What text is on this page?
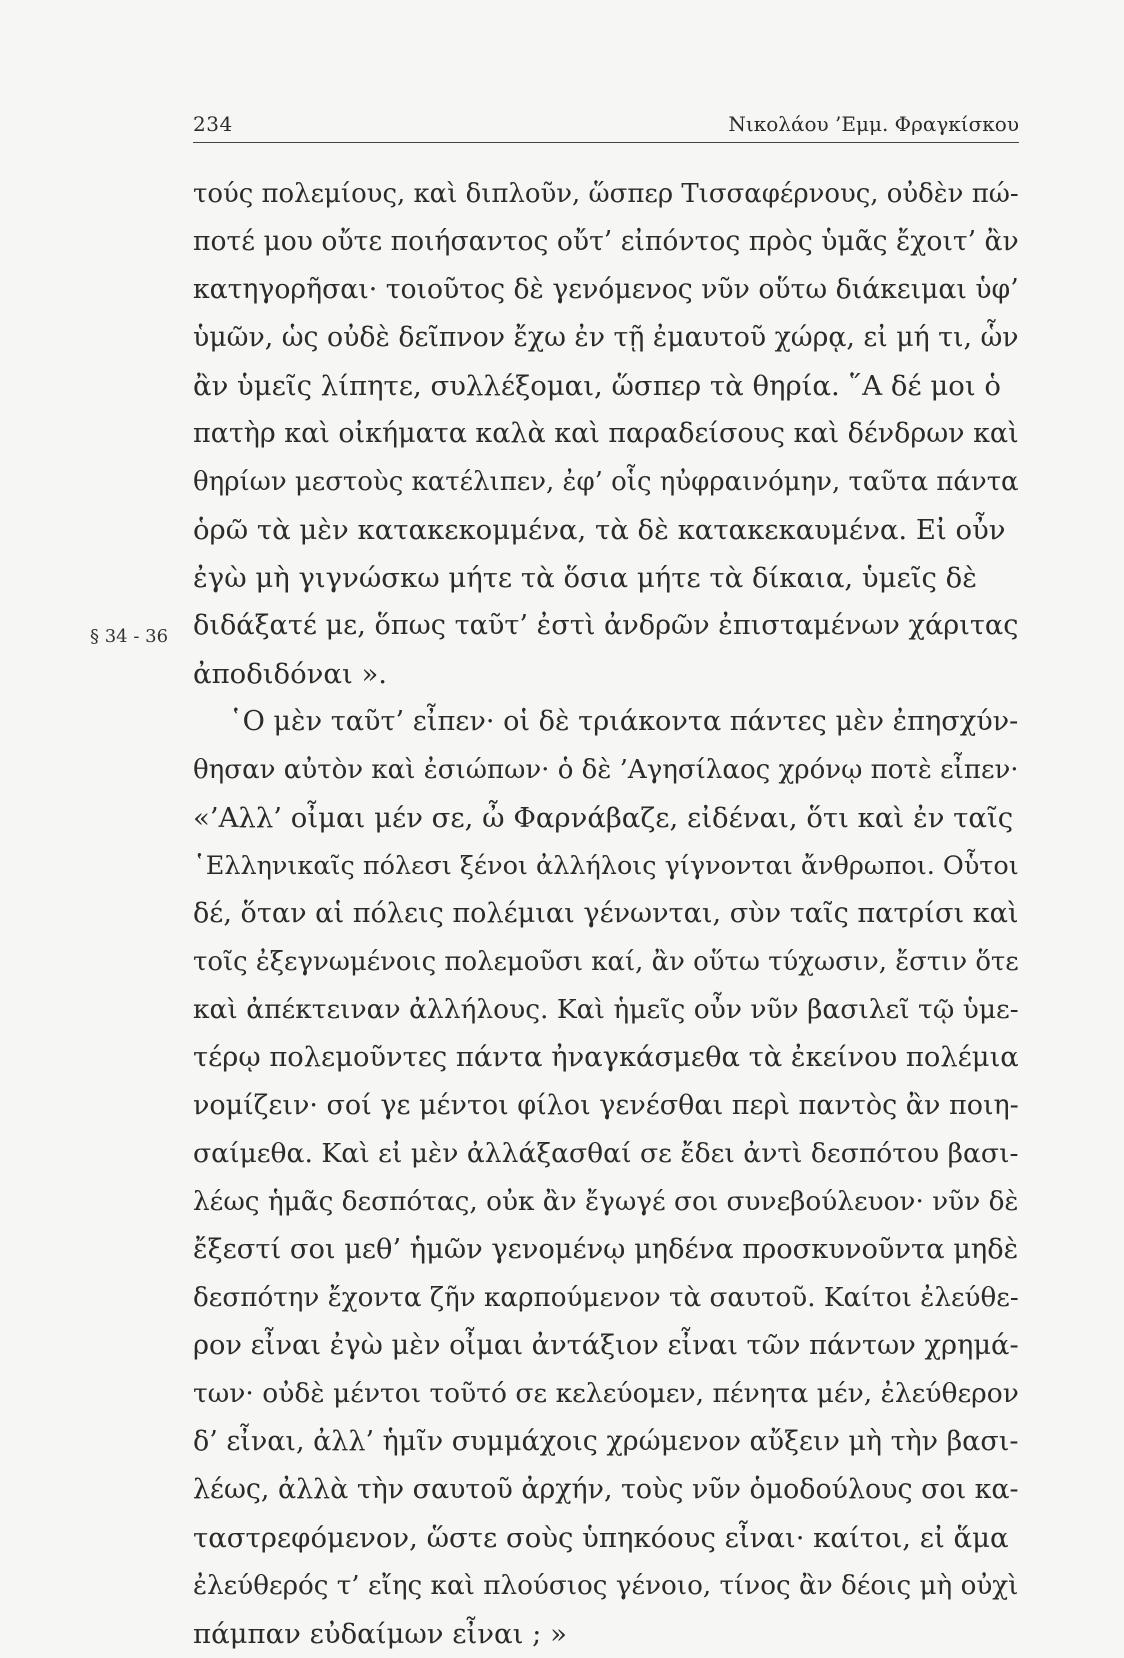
234	Νικολάου ’Εμμ. Φραγκίσκου
§ 34 - 36
τούς πολεμίους, καὶ διπλοῦν, ὥσπερ Τισσαφέρνους, οὐδὲν πώ-
ποτέ μου οὔτε ποιήσαντος οὔτ’ εἰπόντος πρὸς ὑμᾶς ἔχοιτ’ ἂν
κατηγορῆσαι· τοιοῦτος δὲ γενόμενος νῦν οὕτω διάκειμαι ὑφ’
ὑμῶν, ὡς οὐδὲ δεῖπνον ἔχω ἐν τῇ ἐμαυτοῦ χώρᾳ, εἰ μή τι, ὧν
ἂν ὑμεῖς λίπητε, συλλέξομαι, ὥσπερ τὰ θηρία. ῞Α δέ μοι ὁ
πατὴρ καὶ οἰκήματα καλὰ καὶ παραδείσους καὶ δένδρων καὶ
θηρίων μεστοὺς κατέλιπεν, ἐφ’ οἷς ηὐφραινόμην, ταῦτα πάντα
ὁρῶ τὰ μὲν κατακεκομμένα, τὰ δὲ κατακεκαυμένα. Εἰ οὖν
ἐγὼ μὴ γιγνώσκω μήτε τὰ ὅσια μήτε τὰ δίκαια, ὑμεῖς δὲ
διδάξατέ με, ὅπως ταῦτ’ ἐστὶ ἀνδρῶν ἐπισταμένων χάριτας
ἀποδιδόναι ».
῾Ο μὲν ταῦτ’ εἶπεν· οἱ δὲ τριάκοντα πάντες μὲν ἐπησχύν-
θησαν αὐτὸν καὶ ἐσιώπων· ὁ δὲ ’Αγησίλαος χρόνῳ ποτὲ εἶπεν·
«’Αλλ’ οἶμαι μέν σε, ὦ Φαρνάβαζε, εἰδέναι, ὅτι καὶ ἐν ταῖς
῾Ελληνικαῖς πόλεσι ξένοι ἀλλήλοις γίγνονται ἄνθρωποι. Οὗτοι
δέ, ὅταν αἱ πόλεις πολέμιαι γένωνται, σὺν ταῖς πατρίσι καὶ
τοῖς ἐξεγνωμένοις πολεμοῦσι καί, ἂν οὕτω τύχωσιν, ἔστιν ὅτε
καὶ ἀπέκτειναν ἀλλήλους. Καὶ ἡμεῖς οὖν νῦν βασιλεῖ τῷ ὑμε-
τέρῳ πολεμοῦντες πάντα ἠναγκάσμεθα τὰ ἐκείνου πολέμια
νομίζειν· σοί γε μέντοι φίλοι γενέσθαι περὶ παντὸς ἂν ποιη-
σαίμεθα. Καὶ εἰ μὲν ἀλλάξασθαί σε ἔδει ἀντὶ δεσπότου βασι-
λέως ἡμᾶς δεσπότας, οὐκ ἂν ἔγωγέ σοι συνεβούλευον· νῦν δὲ
ἔξεστί σοι μεθ’ ἡμῶν γενομένῳ μηδένα προσκυνοῦντα μηδὲ
δεσπότην ἔχοντα ζῆν καρπούμενον τὰ σαυτοῦ. Καίτοι ἐλεύθε-
ρον εἶναι ἐγὼ μὲν οἶμαι ἀντάξιον εἶναι τῶν πάντων χρημά-
των· οὐδὲ μέντοι τοῦτό σε κελεύομεν, πένητα μέν, ἐλεύθερον
δ’ εἶναι, ἀλλ’ ἡμῖν συμμάχοις χρώμενον αὔξειν μὴ τὴν βασι-
λέως, ἀλλὰ τὴν σαυτοῦ ἀρχήν, τοὺς νῦν ὁμοδούλους σοι κα-
ταστρεφόμενον, ὥστε σοὺς ὑπηκόους εἶναι· καίτοι, εἰ ἅμα
ἐλεύθερός τ’ εἴης καὶ πλούσιος γένοιο, τίνος ἂν δέοις μὴ οὐχὶ
πάμπαν εὐδαίμων εἶναι ; »
